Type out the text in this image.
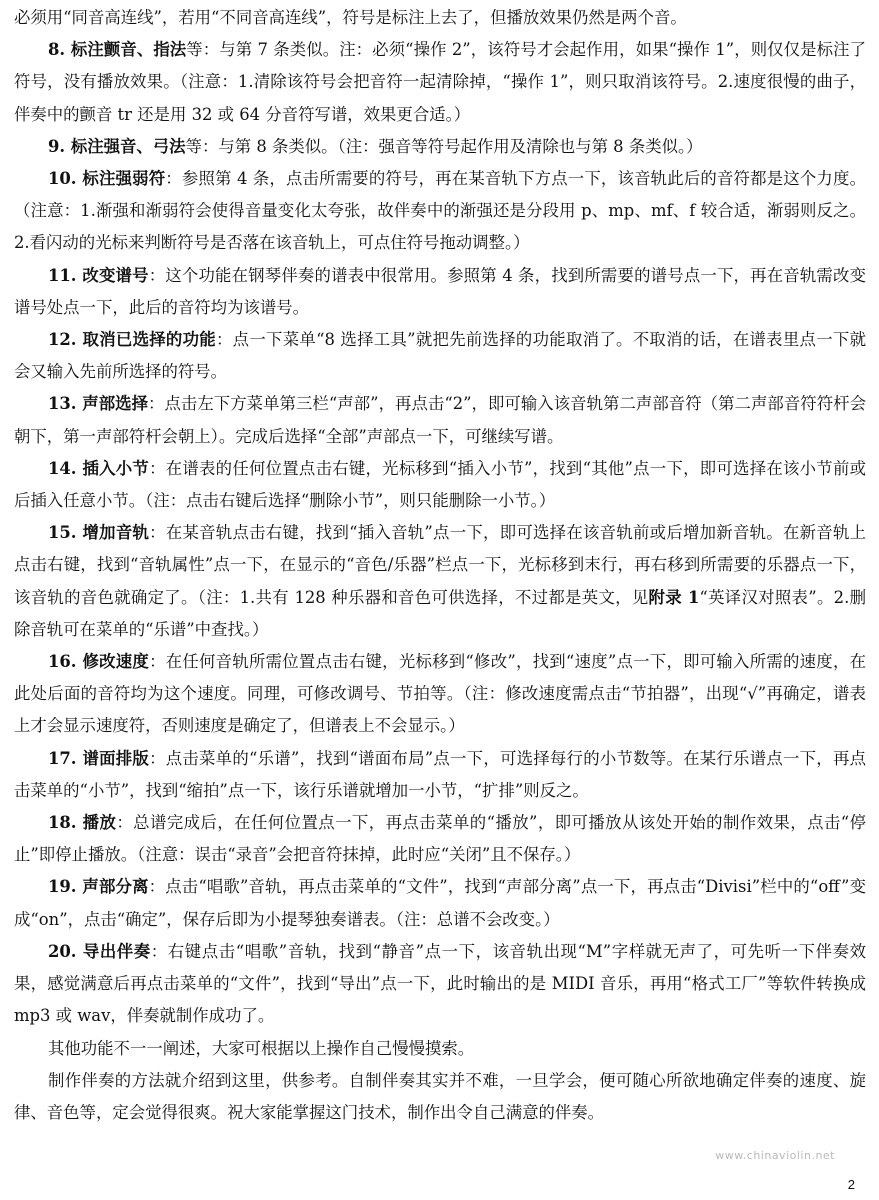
必须用“同音高连线”，若用“不同音高连线”，符号是标注上去了，但播放效果仍然是两个音。

8. 标注颤音、指法等：与第 7 条类似。注：必须“操作 2”，该符号才会起作用，如果“操作 1”，则仅仅是标注了符号，没有播放效果。（注意：1.清除该符号会把音符一起清除掉，“操作 1”，则只取消该符号。2.速度很慢的曲子，伴奏中的颤音 tr 还是用 32 或 64 分音符写谱，效果更合适。）

9. 标注强音、弓法等：与第 8 条类似。（注：强音等符号起作用及清除也与第 8 条类似。）

10. 标注强弱符：参照第 4 条，点击所需要的符号，再在某音轨下方点一下，该音轨此后的音符都是这个力度。（注意：1.渐强和渐弱符会使得音量变化太夸张，故伴奏中的渐强还是分段用 p、mp、mf、f 较合适，渐弱则反之。2.看闪动的光标来判断符号是否落在该音轨上，可点住符号拖动调整。）

11. 改变谱号：这个功能在钢琴伴奏的谱表中很常用。参照第 4 条，找到所需要的谱号点一下，再在音轨需改变谱号处点一下，此后的音符均为该谱号。

12. 取消已选择的功能：点一下菜单“8 选择工具”就把先前选择的功能取消了。不取消的话，在谱表里点一下就会又输入先前所选择的符号。

13. 声部选择：点击左下方菜单第三栏“声部”，再点击“2”，即可输入该音轨第二声部音符（第二声部音符符杆会朝下，第一声部符杆会朝上）。完成后选择“全部”声部点一下，可继续写谱。

14. 插入小节：在谱表的任何位置点击右键，光标移到“插入小节”，找到“其他”点一下，即可选择在该小节前或后插入任意小节。（注：点击右键后选择“删除小节”，则只能删除一小节。）

15. 增加音轨：在某音轨点击右键，找到“插入音轨”点一下，即可选择在该音轨前或后增加新音轨。在新音轨上点击右键，找到“音轨属性”点一下，在显示的“音色/乐器”栏点一下，光标移到末行，再右移到所需要的乐器点一下，该音轨的音色就确定了。（注：1.共有 128 种乐器和音色可供选择，不过都是英文，见附录 1“英译汉对照表”。2.删除音轨可在菜单的“乐谱”中查找。）

16. 修改速度：在任何音轨所需位置点击右键，光标移到“修改”，找到“速度”点一下，即可输入所需的速度，在此处后面的音符均为这个速度。同理，可修改调号、节拍等。（注：修改速度需点击“节拍器”，出现“√”再确定，谱表上才会显示速度符，否则速度是确定了，但谱表上不会显示。）

17. 谱面排版：点击菜单的“乐谱”，找到“谱面布局”点一下，可选择每行的小节数等。在某行乐谱点一下，再点击菜单的“小节”，找到“缩拍”点一下，该行乐谱就增加一小节，“扩排”则反之。

18. 播放：总谱完成后，在任何位置点一下，再点击菜单的“播放”，即可播放从该处开始的制作效果，点击“停止”即停止播放。（注意：误击“录音”会把音符抹掉，此时应“关闭”且不保存。）

19. 声部分离：点击“唱歌”音轨，再点击菜单的“文件”，找到“声部分离”点一下，再点击“Divisi”栏中的“off”变成“on”，点击“确定”，保存后即为小提琴独奏谱表。（注：总谱不会改变。）

20. 导出伴奏：右键点击“唱歌”音轨，找到“静音”点一下，该音轨出现“M”字样就无声了，可先听一下伴奏效果，感觉满意后再点击菜单的“文件”，找到“导出”点一下，此时输出的是 MIDI 音乐，再用“格式工厂”等软件转换成 mp3 或 wav，伴奏就制作成功了。

其他功能不一一阐述，大家可根据以上操作自己慢慢摸索。

制作伴奏的方法就介绍到这里，供参考。自制伴奏其实并不难，一旦学会，便可随心所欲地确定伴奏的速度、旋律、音色等，定会觉得很爽。祝大家能掌握这门技术，制作出令自己满意的伴奏。

www.chinaviolin.net
2
